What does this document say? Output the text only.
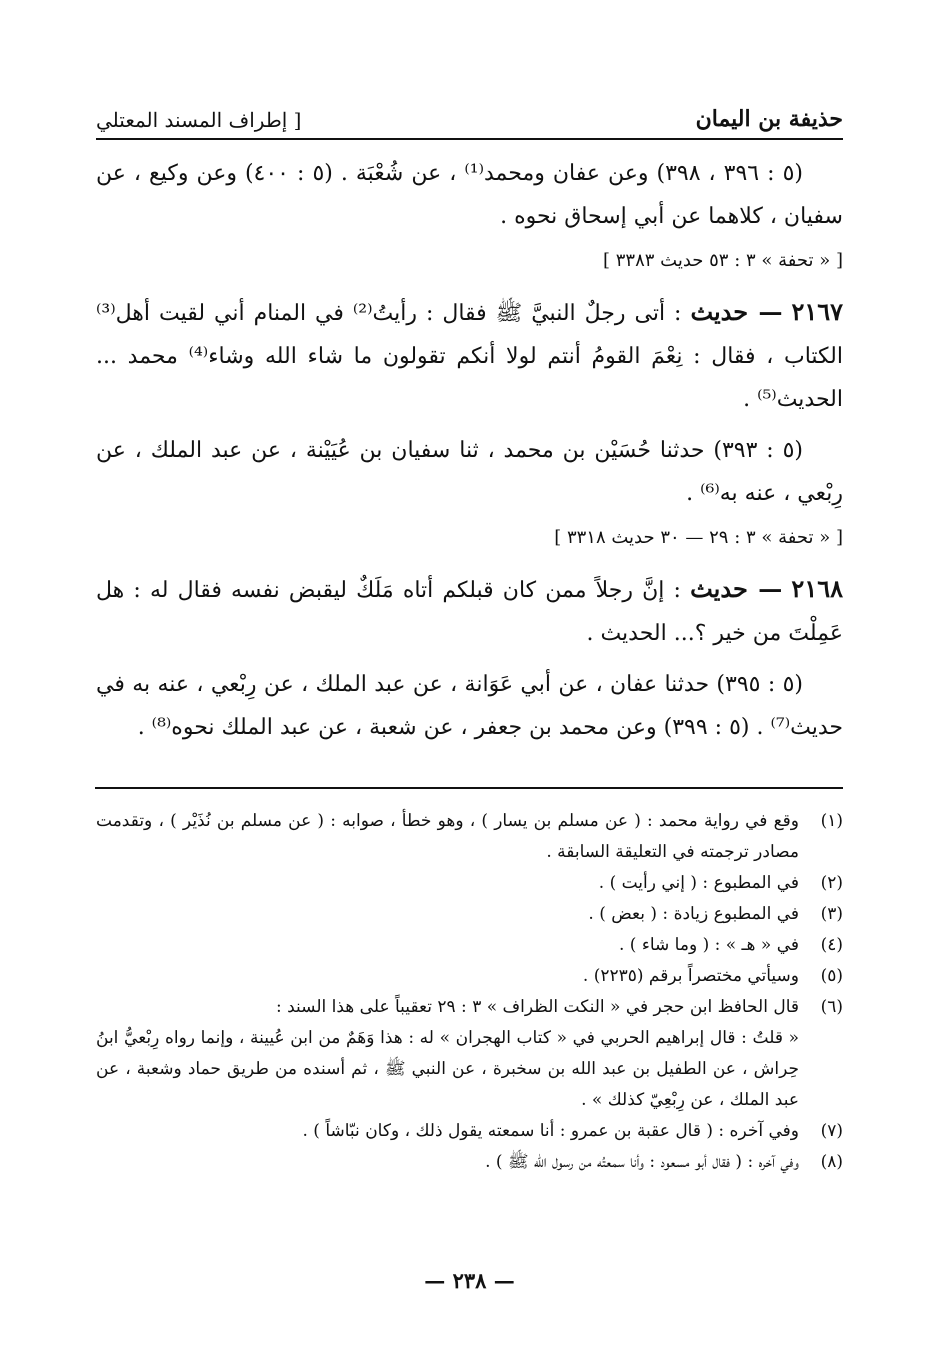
حذيفة بن اليمان
[ إطراف المسند المعتلي

(٥ : ٣٩٦ ، ٣٩٨) وعن عفان ومحمد⁽¹⁾ ، عن شُعْبَة . (٥ : ٤٠٠) وعن وكيع ، عن سفيان ، كلاهما عن أبي إسحاق نحوه .

[ « تحفة » ٣ : ٥٣ حديث ٣٣٨٣ ]

٢١٦٧ — حديث : أتى رجلٌ النبيَّ ﷺ فقال : رأيتُ⁽²⁾ في المنام أني لقيت أهل⁽³⁾ الكتاب ، فقال : نِعْمَ القومُ أنتم لولا أنكم تقولون ما شاء الله وشاء⁽⁴⁾ محمد ... الحديث⁽⁵⁾ .

(٥ : ٣٩٣) حدثنا حُسَيْن بن محمد ، ثنا سفيان بن عُيَيْنة ، عن عبد الملك ، عن رِبْعي ، عنه به⁽⁶⁾ .

[ « تحفة » ٣ : ٢٩ — ٣٠ حديث ٣٣١٨ ]

٢١٦٨ — حديث : إنَّ رجلاً ممن كان قبلكم أتاه مَلَكٌ ليقبض نفسه فقال له : هل عَمِلْتَ من خير ؟... الحديث .

(٥ : ٣٩٥) حدثنا عفان ، عن أبي عَوَانة ، عن عبد الملك ، عن رِبْعي ، عنه به في حديث⁽⁷⁾ . (٥ : ٣٩٩) وعن محمد بن جعفر ، عن شعبة ، عن عبد الملك نحوه⁽⁸⁾ .

(١)
وقع في رواية محمد : ( عن مسلم بن يسار ) ، وهو خطأ ، صوابه : ( عن مسلم بن نُذَيْر ) ، وتقدمت مصادر ترجمته في التعليقة السابقة .
(٢)
في المطبوع : ( إني رأيت ) .
(٣)
في المطبوع زيادة : ( بعض ) .
(٤)
في « هـ » : ( وما شاء ) .
(٥)
وسيأتي مختصراً برقم (٢٢٣٥) .
(٦)
قال الحافظ ابن حجر في « النكت الظراف » ٣ : ٢٩ تعقيباً على هذا السند :
« قلتُ : قال إبراهيم الحربي في « كتاب الهجران » له : هذا وَهَمٌ من ابن عُيينة ، وإنما رواه رِبْعيُّ ابنُ حِراش ، عن الطفيل بن عبد الله بن سخبرة ، عن النبي ﷺ ، ثم أسنده من طريق حماد وشعبة ، عن عبد الملك ، عن رِبْعِيّ كذلك » .
(٧)
وفي آخره : ( قال عقبة بن عمرو : أنا سمعته يقول ذلك ، وكان نبّاشاً ) .
(٨)
وفي آخره : ( فقال أبو مسعود : وأنا سمعتُه من رسول الله ﷺ ) .
— ٢٣٨ —
